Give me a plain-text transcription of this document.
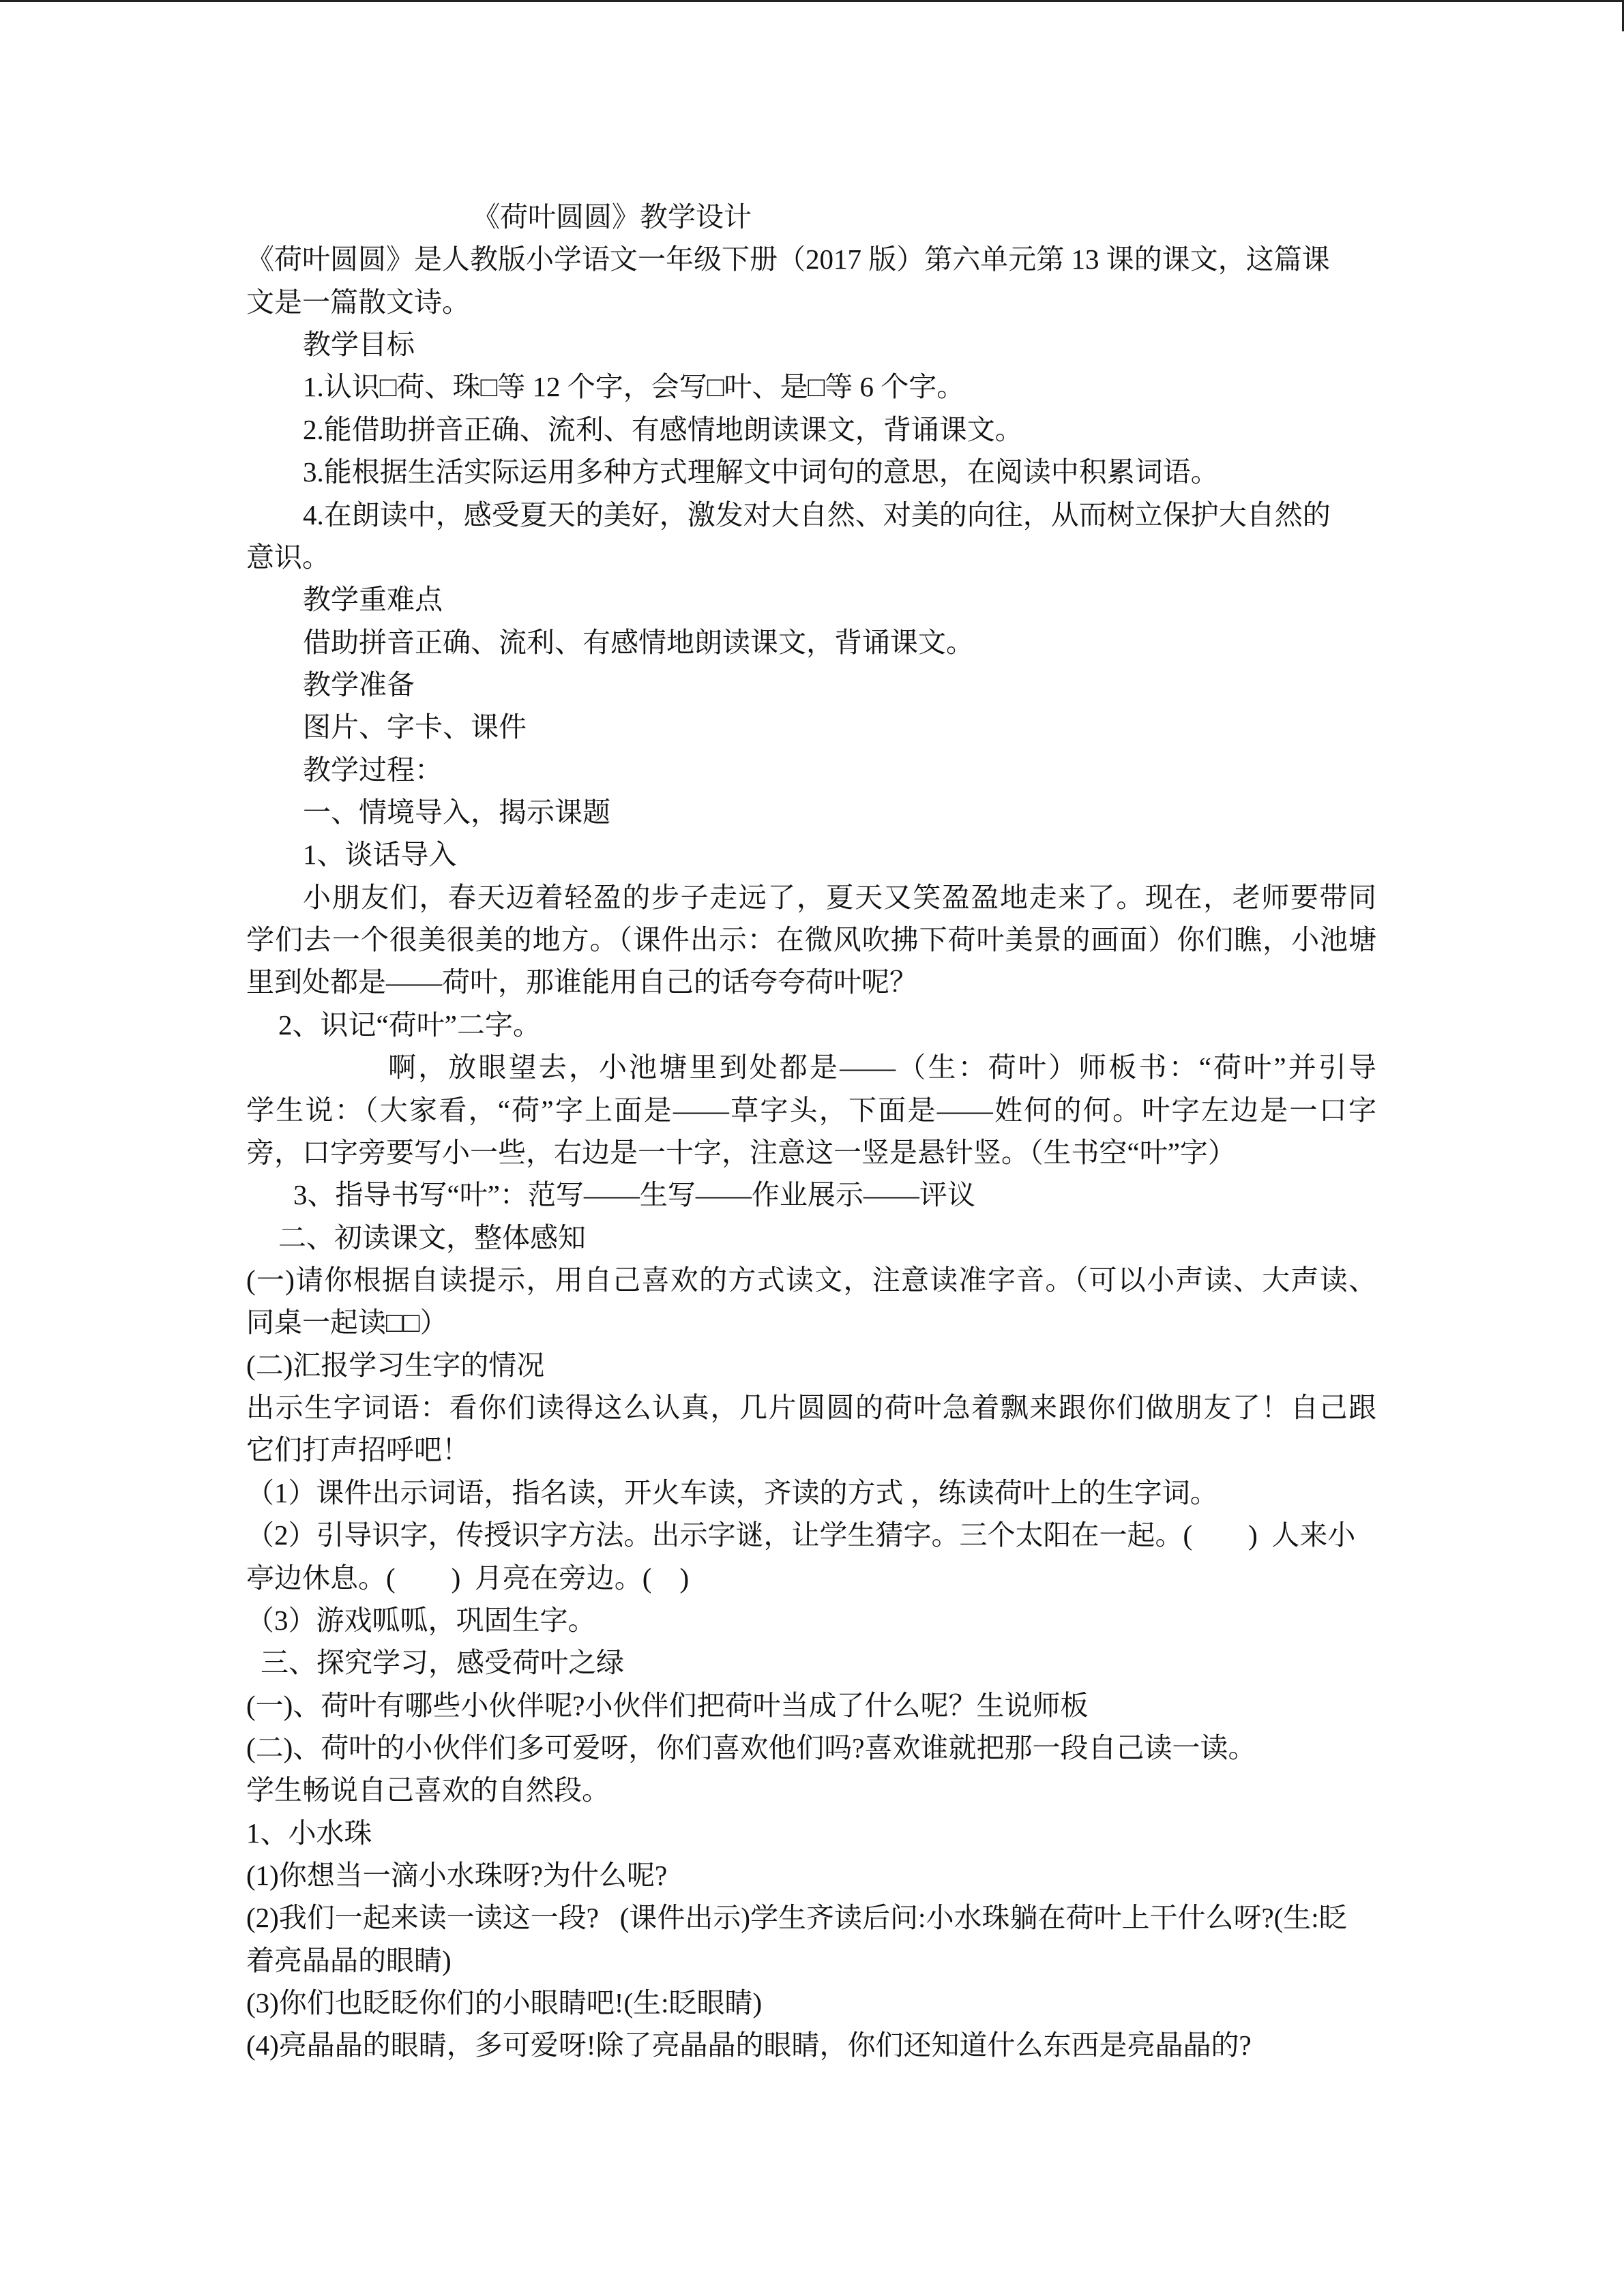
《荷叶圆圆》教学设计
《荷叶圆圆》是人教版小学语文一年级下册（2017 版）第六单元第 13 课的课文，这篇课
文是一篇散文诗。
教学目标
1.认识□荷、珠□等 12 个字，会写□叶、是□等 6 个字。
2.能借助拼音正确、流利、有感情地朗读课文，背诵课文。
3.能根据生活实际运用多种方式理解文中词句的意思，在阅读中积累词语。
4.在朗读中，感受夏天的美好，激发对大自然、对美的向往，从而树立保护大自然的
意识。
教学重难点
借助拼音正确、流利、有感情地朗读课文，背诵课文。
教学准备
图片、字卡、课件
教学过程：
一、情境导入，揭示课题
1、谈话导入
小朋友们，春天迈着轻盈的步子走远了，夏天又笑盈盈地走来了。现在，老师要带同
学们去一个很美很美的地方。（课件出示：在微风吹拂下荷叶美景的画面）你们瞧，小池塘
里到处都是——荷叶，那谁能用自己的话夸夸荷叶呢？
2、识记“荷叶”二字。
啊，放眼望去，小池塘里到处都是——（生：荷叶）师板书：“荷叶”并引导
学生说：（大家看，“荷”字上面是——草字头，下面是——姓何的何。叶字左边是一口字
旁，口字旁要写小一些，右边是一十字，注意这一竖是悬针竖。（生书空“叶”字）
3、指导书写“叶”：范写——生写——作业展示——评议
二、初读课文，整体感知
(一)请你根据自读提示，用自己喜欢的方式读文，注意读准字音。（可以小声读、大声读、
同桌一起读□□）
(二)汇报学习生字的情况
出示生字词语：看你们读得这么认真，几片圆圆的荷叶急着飘来跟你们做朋友了！自己跟
它们打声招呼吧！
（1）课件出示词语，指名读，开火车读，齐读的方式 ，练读荷叶上的生字词。
（2）引导识字，传授识字方法。出示字谜，让学生猜字。三个太阳在一起。(        )  人来小
亭边休息。(        )  月亮在旁边。(    )
（3）游戏呱呱，巩固生字。
三、探究学习，感受荷叶之绿
(一)、荷叶有哪些小伙伴呢?小伙伴们把荷叶当成了什么呢？生说师板
(二)、荷叶的小伙伴们多可爱呀，你们喜欢他们吗?喜欢谁就把那一段自己读一读。
学生畅说自己喜欢的自然段。
1、小水珠
(1)你想当一滴小水珠呀?为什么呢?
(2)我们一起来读一读这一段?   (课件出示)学生齐读后问:小水珠躺在荷叶上干什么呀?(生:眨
着亮晶晶的眼睛)
(3)你们也眨眨你们的小眼睛吧!(生:眨眼睛)
(4)亮晶晶的眼睛，多可爱呀!除了亮晶晶的眼睛，你们还知道什么东西是亮晶晶的?
